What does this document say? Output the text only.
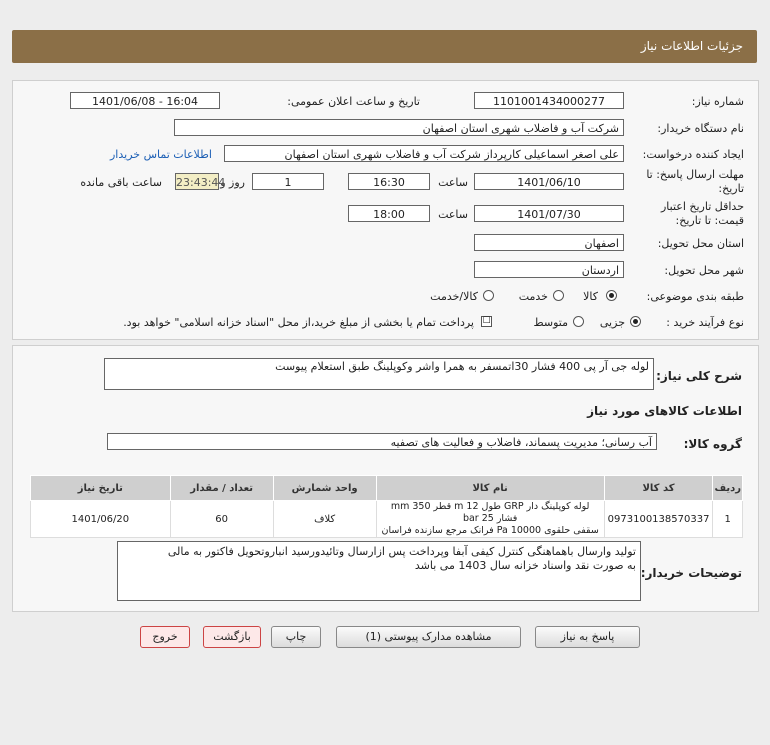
جزئیات اطلاعات نیاز
شماره نیاز:
1101001434000277
تاریخ و ساعت اعلان عمومی:
1401/06/08 - 16:04
نام دستگاه خریدار:
شرکت آب و فاضلاب شهری استان اصفهان
ایجاد کننده درخواست:
علی اصغر اسماعیلی کارپرداز شرکت آب و فاضلاب شهری استان اصفهان
اطلاعات تماس خریدار
مهلت ارسال پاسخ: تا
تاریخ:
1401/06/10
ساعت
16:30
1
روز و
23:43:44
ساعت باقی مانده
حداقل تاریخ اعتبار
قیمت: تا تاریخ:
1401/07/30
ساعت
18:00
استان محل تحویل:
اصفهان
شهر محل تحویل:
اردستان
طبقه بندی موضوعی:
کالا
خدمت
کالا/خدمت
نوع فرآیند خرید :
جزیی
متوسط
☐
پرداخت تمام یا بخشی از مبلغ خرید،از محل "اسناد خزانه اسلامی" خواهد بود.
شرح کلی نیاز:
لوله جی آر پی 400 فشار 30اتمسفر به همرا واشر وکوپلینگ طبق استعلام پیوست
اطلاعات کالاهای مورد نیاز
گروه کالا:
آب رسانی؛ مدیریت پسماند، فاضلاب و فعالیت های تصفیه
ردیف	کد کالا	نام کالا	واحد شمارش	تعداد / مقدار	تاریخ نیاز
1	0973100138570337	لوله کوپلینگ دار GRP طول m 12 قطر mm 350 فشار bar 25
سقفی حلقوی Pa 10000 فرانک مرجع سازنده فراسان	کلاف	60	1401/06/20
توضیحات خریدار:
تولید وارسال باهماهنگی کنترل کیفی آبفا وپرداخت پس ازارسال وتائیدورسید انباروتحویل فاکتور به مالی
به صورت نقد واسناد خزانه سال 1403 می باشد
پاسخ به نیاز
مشاهده مدارک پیوستی (1)
چاپ
بازگشت
خروج
